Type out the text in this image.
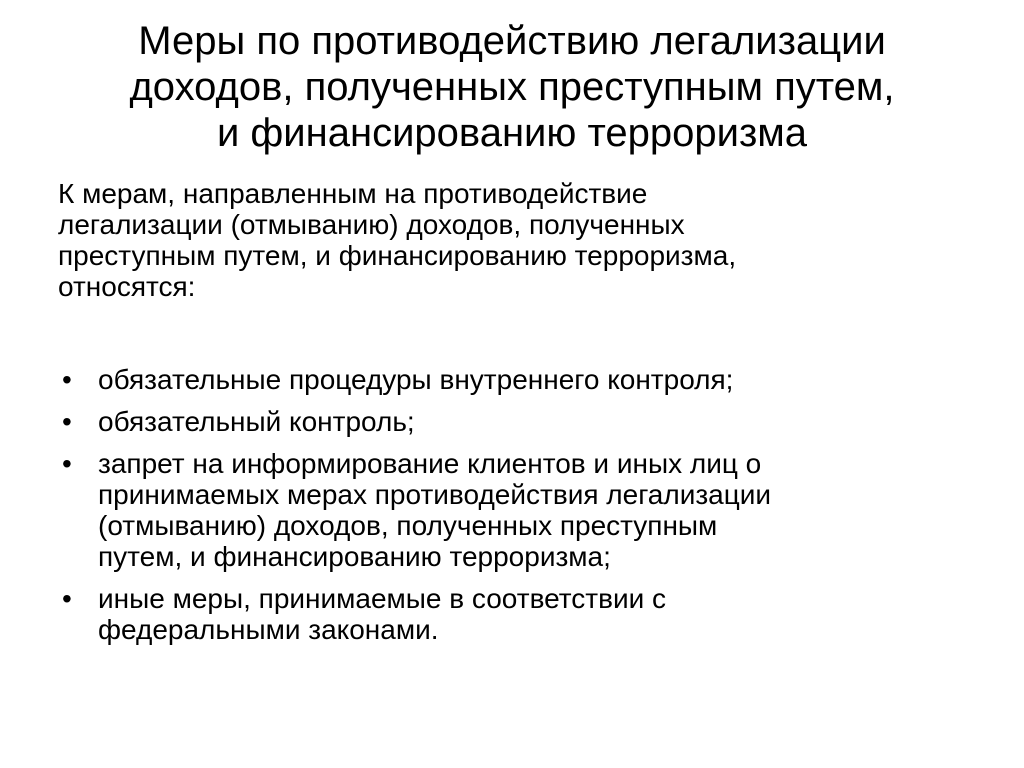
Меры по противодействию легализации
доходов, полученных преступным путем,
и финансированию терроризма

К мерам, направленным на противодействие
легализации (отмыванию) доходов, полученных
преступным путем, и финансированию терроризма,
относятся:

• обязательные процедуры внутреннего контроля;
• обязательный контроль;
• запрет на информирование клиентов и иных лиц о
принимаемых мерах противодействия легализации
(отмыванию) доходов, полученных преступным
путем, и финансированию терроризма;
• иные меры, принимаемые в соответствии с
федеральными законами.
